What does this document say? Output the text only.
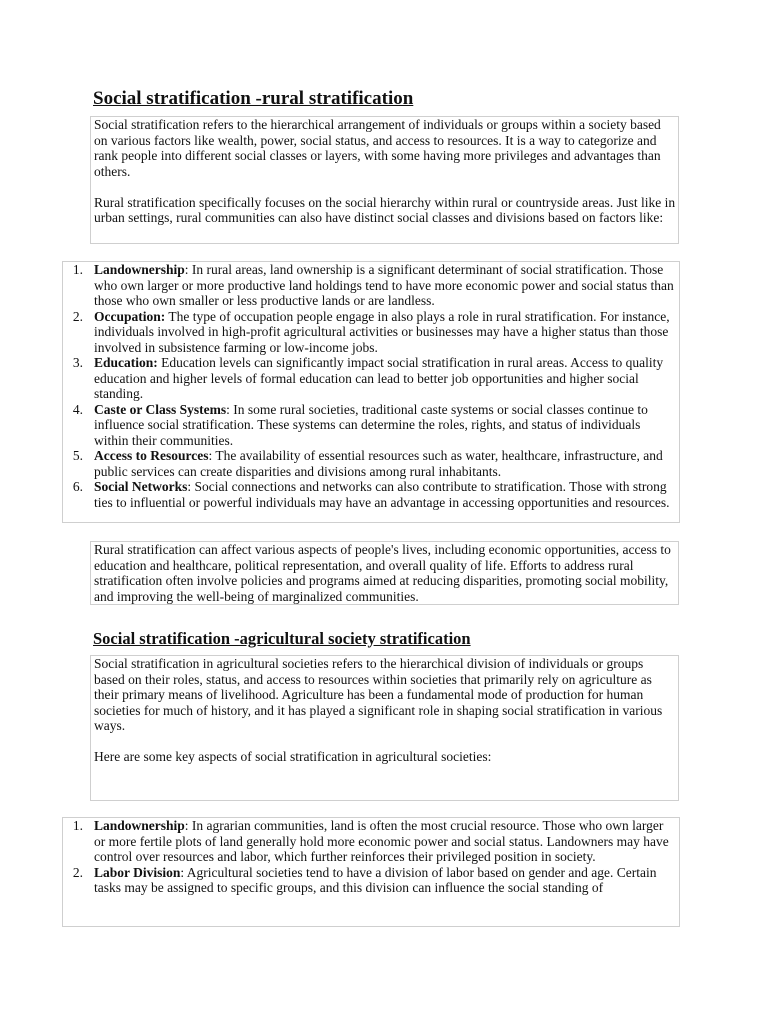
Social stratification -rural stratification

Social stratification refers to the hierarchical arrangement of individuals or groups within a society based on various factors like wealth, power, social status, and access to resources. It is a way to categorize and rank people into different social classes or layers, with some having more privileges and advantages than others.

Rural stratification specifically focuses on the social hierarchy within rural or countryside areas. Just like in urban settings, rural communities can also have distinct social classes and divisions based on factors like:

1. Landownership: In rural areas, land ownership is a significant determinant of social stratification. Those who own larger or more productive land holdings tend to have more economic power and social status than those who own smaller or less productive lands or are landless.
2. Occupation: The type of occupation people engage in also plays a role in rural stratification. For instance, individuals involved in high-profit agricultural activities or businesses may have a higher status than those involved in subsistence farming or low-income jobs.
3. Education: Education levels can significantly impact social stratification in rural areas. Access to quality education and higher levels of formal education can lead to better job opportunities and higher social standing.
4. Caste or Class Systems: In some rural societies, traditional caste systems or social classes continue to influence social stratification. These systems can determine the roles, rights, and status of individuals within their communities.
5. Access to Resources: The availability of essential resources such as water, healthcare, infrastructure, and public services can create disparities and divisions among rural inhabitants.
6. Social Networks: Social connections and networks can also contribute to stratification. Those with strong ties to influential or powerful individuals may have an advantage in accessing opportunities and resources.

Rural stratification can affect various aspects of people's lives, including economic opportunities, access to education and healthcare, political representation, and overall quality of life. Efforts to address rural stratification often involve policies and programs aimed at reducing disparities, promoting social mobility, and improving the well-being of marginalized communities.

Social stratification -agricultural society stratification

Social stratification in agricultural societies refers to the hierarchical division of individuals or groups based on their roles, status, and access to resources within societies that primarily rely on agriculture as their primary means of livelihood. Agriculture has been a fundamental mode of production for human societies for much of history, and it has played a significant role in shaping social stratification in various ways.

Here are some key aspects of social stratification in agricultural societies:

1. Landownership: In agrarian communities, land is often the most crucial resource. Those who own larger or more fertile plots of land generally hold more economic power and social status. Landowners may have control over resources and labor, which further reinforces their privileged position in society.
2. Labor Division: Agricultural societies tend to have a division of labor based on gender and age. Certain tasks may be assigned to specific groups, and this division can influence the social standing of
